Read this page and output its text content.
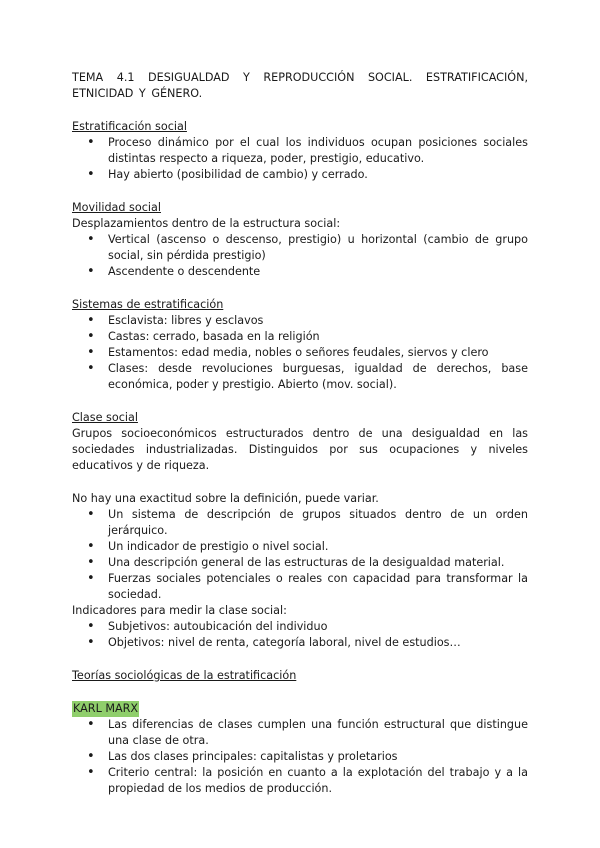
TEMA 4.1 DESIGUALDAD Y REPRODUCCIÓN SOCIAL. ESTRATIFICACIÓN, ETNICIDAD Y GÉNERO.

Estratificación social

• Proceso dinámico por el cual los individuos ocupan posiciones sociales distintas respecto a riqueza, poder, prestigio, educativo.
• Hay abierto (posibilidad de cambio) y cerrado.

Movilidad social

Desplazamientos dentro de la estructura social:

• Vertical (ascenso o descenso, prestigio) u horizontal (cambio de grupo social, sin pérdida prestigio)
• Ascendente o descendente

Sistemas de estratificación

• Esclavista: libres y esclavos
• Castas: cerrado, basada en la religión
• Estamentos: edad media, nobles o señores feudales, siervos y clero
• Clases: desde revoluciones burguesas, igualdad de derechos, base económica, poder y prestigio. Abierto (mov. social).

Clase social

Grupos socioeconómicos estructurados dentro de una desigualdad en las sociedades industrializadas. Distinguidos por sus ocupaciones y niveles educativos y de riqueza.

No hay una exactitud sobre la definición, puede variar.

• Un sistema de descripción de grupos situados dentro de un orden jerárquico.
• Un indicador de prestigio o nivel social.
• Una descripción general de las estructuras de la desigualdad material.
• Fuerzas sociales potenciales o reales con capacidad para transformar la sociedad.

Indicadores para medir la clase social:

• Subjetivos: autoubicación del individuo
• Objetivos: nivel de renta, categoría laboral, nivel de estudios…

Teorías sociológicas de la estratificación

KARL MARX

• Las diferencias de clases cumplen una función estructural que distingue una clase de otra.
• Las dos clases principales: capitalistas y proletarios
• Criterio central: la posición en cuanto a la explotación del trabajo y a la propiedad de los medios de producción.
